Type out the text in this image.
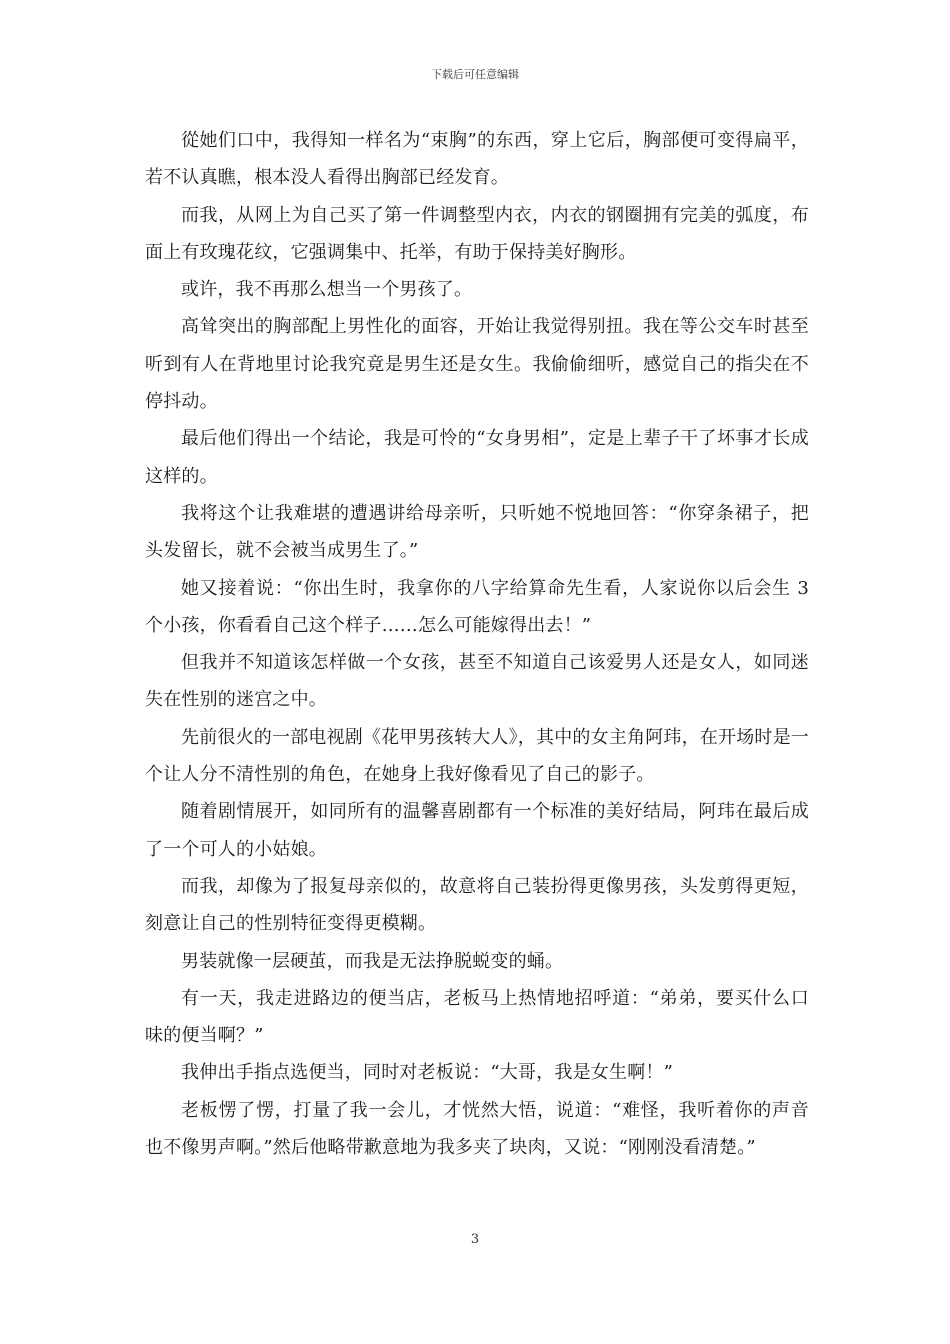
下载后可任意编辑

從她们口中，我得知一样名为“束胸”的东西，穿上它后，胸部便可变得扁平，若不认真瞧，根本没人看得出胸部已经发育。

而我，从网上为自己买了第一件调整型内衣，内衣的钢圈拥有完美的弧度，布面上有玫瑰花纹，它强调集中、托举，有助于保持美好胸形。

或许，我不再那么想当一个男孩了。

高耸突出的胸部配上男性化的面容，开始让我觉得别扭。我在等公交车时甚至听到有人在背地里讨论我究竟是男生还是女生。我偷偷细听，感觉自己的指尖在不停抖动。

最后他们得出一个结论，我是可怜的“女身男相”，定是上辈子干了坏事才长成这样的。

我将这个让我难堪的遭遇讲给母亲听，只听她不悦地回答：“你穿条裙子，把头发留长，就不会被当成男生了。”

她又接着说：“你出生时，我拿你的八字给算命先生看，人家说你以后会生 3 个小孩，你看看自己这个样子……怎么可能嫁得出去！”

但我并不知道该怎样做一个女孩，甚至不知道自己该爱男人还是女人，如同迷失在性别的迷宫之中。

先前很火的一部电视剧《花甲男孩转大人》，其中的女主角阿玮，在开场时是一个让人分不清性别的角色，在她身上我好像看见了自己的影子。

随着剧情展开，如同所有的温馨喜剧都有一个标准的美好结局，阿玮在最后成了一个可人的小姑娘。

而我，却像为了报复母亲似的，故意将自己装扮得更像男孩，头发剪得更短，刻意让自己的性别特征变得更模糊。

男装就像一层硬茧，而我是无法挣脱蜕变的蛹。

有一天，我走进路边的便当店，老板马上热情地招呼道：“弟弟，要买什么口味的便当啊？”

我伸出手指点选便当，同时对老板说：“大哥，我是女生啊！”

老板愣了愣，打量了我一会儿，才恍然大悟，说道：“难怪，我听着你的声音也不像男声啊。”然后他略带歉意地为我多夹了块肉，又说：“刚刚没看清楚。”

3
